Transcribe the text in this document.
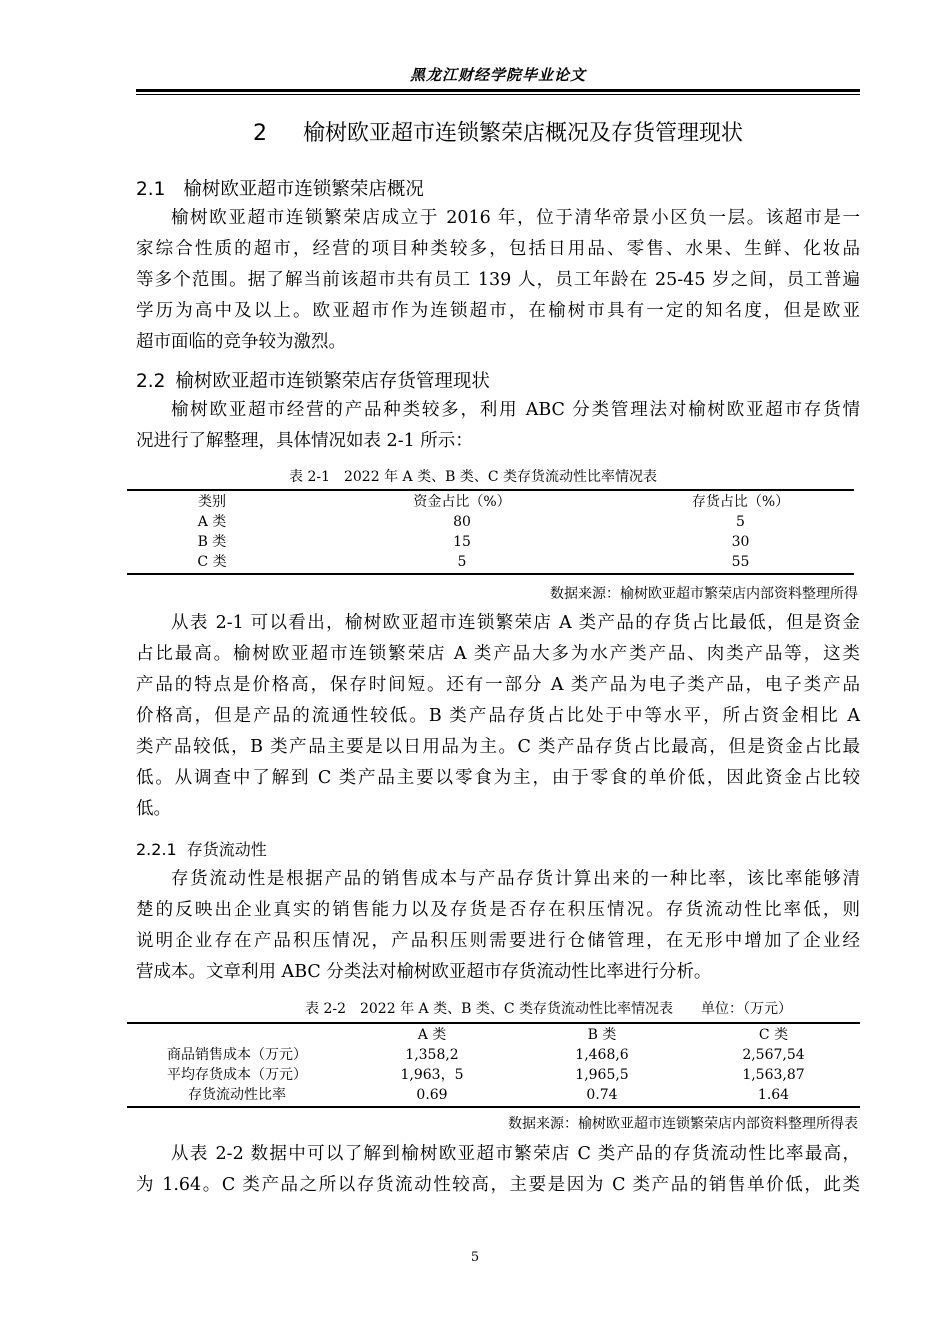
黑龙江财经学院毕业论文
2 榆树欧亚超市连锁繁荣店概况及存货管理现状
2.1 榆树欧亚超市连锁繁荣店概况
榆树欧亚超市连锁繁荣店成立于 2016 年，位于清华帝景小区负一层。该超市是一
家综合性质的超市，经营的项目种类较多，包括日用品、零售、水果、生鲜、化妆品
等多个范围。据了解当前该超市共有员工 139 人，员工年龄在 25-45 岁之间，员工普遍
学历为高中及以上。欧亚超市作为连锁超市，在榆树市具有一定的知名度，但是欧亚
超市面临的竞争较为激烈。
2.2 榆树欧亚超市连锁繁荣店存货管理现状
榆树欧亚超市经营的产品种类较多，利用 ABC 分类管理法对榆树欧亚超市存货情
况进行了解整理，具体情况如表 2-1 所示：
表 2-1　2022 年 A 类、B 类、C 类存货流动性比率情况表
类别	资金占比（%）	存货占比（%）
A 类	80	5
B 类	15	30
C 类	5	55
数据来源：榆树欧亚超市繁荣店内部资料整理所得
从表 2-1 可以看出，榆树欧亚超市连锁繁荣店 A 类产品的存货占比最低，但是资金
占比最高。榆树欧亚超市连锁繁荣店 A 类产品大多为水产类产品、肉类产品等，这类
产品的特点是价格高，保存时间短。还有一部分 A 类产品为电子类产品，电子类产品
价格高，但是产品的流通性较低。B 类产品存货占比处于中等水平，所占资金相比 A
类产品较低，B 类产品主要是以日用品为主。C 类产品存货占比最高，但是资金占比最
低。从调查中了解到 C 类产品主要以零食为主，由于零食的单价低，因此资金占比较
低。
2.2.1 存货流动性
存货流动性是根据产品的销售成本与产品存货计算出来的一种比率，该比率能够清
楚的反映出企业真实的销售能力以及存货是否存在积压情况。存货流动性比率低，则
说明企业存在产品积压情况，产品积压则需要进行仓储管理，在无形中增加了企业经
营成本。文章利用 ABC 分类法对榆树欧亚超市存货流动性比率进行分析。
表 2-2　2022 年 A 类、B 类、C 类存货流动性比率情况表　　单位：（万元）
	A 类	B 类	C 类
商品销售成本（万元）	1,358,2	1,468,6	2,567,54
平均存货成本（万元）	1,963，5	1,965,5	1,563,87
存货流动性比率	0.69	0.74	1.64
数据来源：榆树欧亚超市连锁繁荣店内部资料整理所得表
从表 2-2 数据中可以了解到榆树欧亚超市繁荣店 C 类产品的存货流动性比率最高，
为 1.64。C 类产品之所以存货流动性较高，主要是因为 C 类产品的销售单价低，此类
5
